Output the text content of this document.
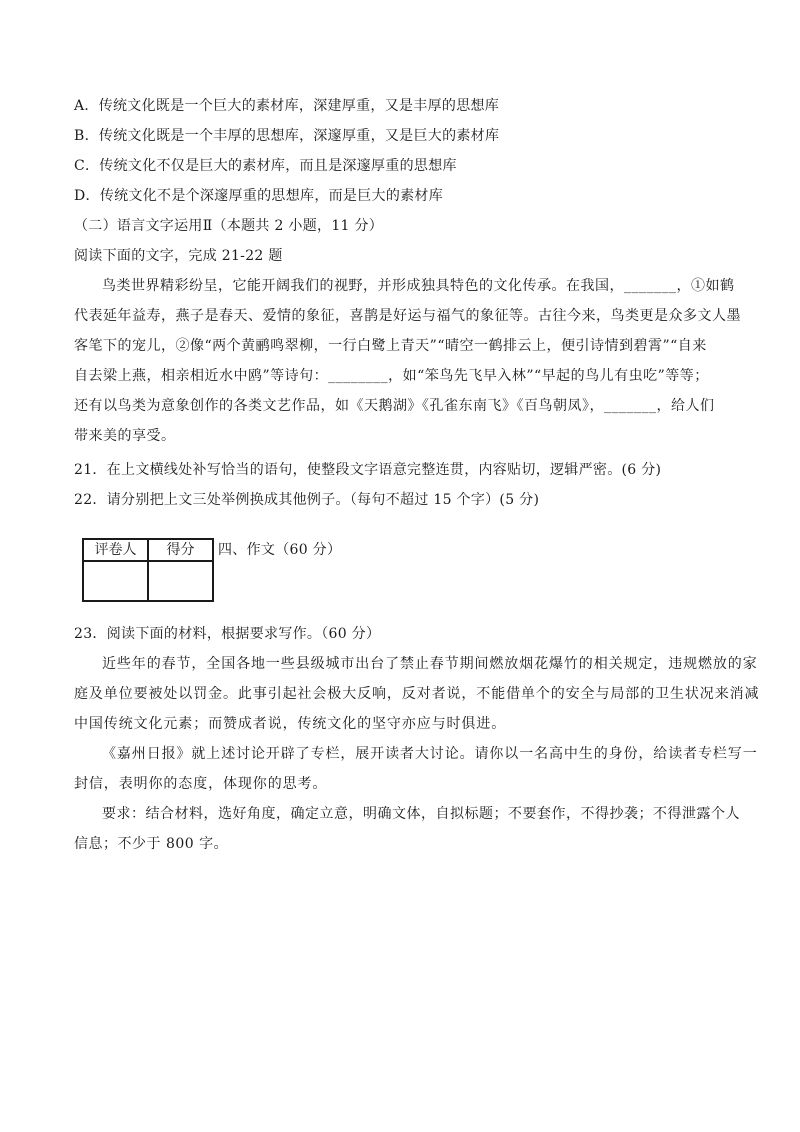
A．传统文化既是一个巨大的素材库，深建厚重，又是丰厚的思想库
B．传统文化既是一个丰厚的思想库，深邃厚重，又是巨大的素材库
C．传统文化不仅是巨大的素材库，而且是深邃厚重的思想库
D．传统文化不是个深邃厚重的思想库，而是巨大的素材库
（二）语言文字运用Ⅱ（本题共 2 小题，11 分）
阅读下面的文字，完成 21-22 题
鸟类世界精彩纷呈，它能开阔我们的视野，并形成独具特色的文化传承。在我国，_______，①如鹤
代表延年益寿，燕子是春天、爱情的象征，喜鹊是好运与福气的象征等。古往今来，鸟类更是众多文人墨
客笔下的宠儿，②像“两个黄鹂鸣翠柳，一行白鹭上青天”“晴空一鹤排云上，便引诗情到碧霄”“自来
自去梁上燕，相亲相近水中鸥”等诗句：________，如“笨鸟先飞早入林”“早起的鸟儿有虫吃”等等；
还有以鸟类为意象创作的各类文艺作品，如《天鹅湖》《孔雀东南飞》《百鸟朝凤》，_______，给人们
带来美的享受。
21．在上文横线处补写恰当的语句，使整段文字语意完整连贯，内容贴切，逻辑严密。(6 分)
22．请分别把上文三处举例换成其他例子。（每句不超过 15 个字）(5 分)
评卷人	得分
	四、作文（60 分）
23．阅读下面的材料，根据要求写作。（60 分）
近些年的春节，全国各地一些县级城市出台了禁止春节期间燃放烟花爆竹的相关规定，违规燃放的家
庭及单位要被处以罚金。此事引起社会极大反响，反对者说，不能借单个的安全与局部的卫生状况来消减
中国传统文化元素；而赞成者说，传统文化的坚守亦应与时俱进。
《嘉州日报》就上述讨论开辟了专栏，展开读者大讨论。请你以一名高中生的身份，给读者专栏写一
封信，表明你的态度，体现你的思考。
要求：结合材料，选好角度，确定立意，明确文体，自拟标题；不要套作，不得抄袭；不得泄露个人
信息；不少于 800 字。
